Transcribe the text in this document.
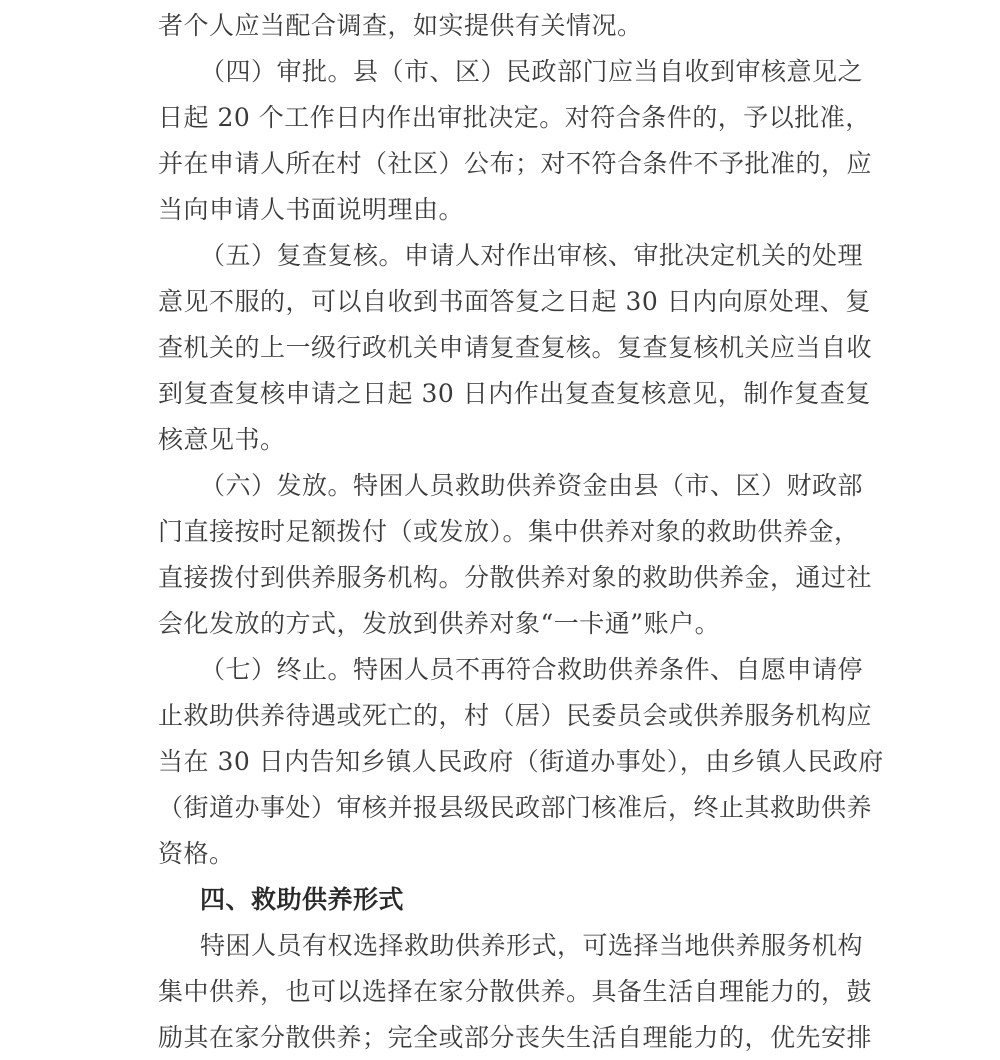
者个人应当配合调查，如实提供有关情况。
（四）审批。县（市、区）民政部门应当自收到审核意见之
日起 20 个工作日内作出审批决定。对符合条件的，予以批准，
并在申请人所在村（社区）公布；对不符合条件不予批准的，应
当向申请人书面说明理由。
（五）复查复核。申请人对作出审核、审批决定机关的处理
意见不服的，可以自收到书面答复之日起 30 日内向原处理、复
查机关的上一级行政机关申请复查复核。复查复核机关应当自收
到复查复核申请之日起 30 日内作出复查复核意见，制作复查复
核意见书。
（六）发放。特困人员救助供养资金由县（市、区）财政部
门直接按时足额拨付（或发放）。集中供养对象的救助供养金，
直接拨付到供养服务机构。分散供养对象的救助供养金，通过社
会化发放的方式，发放到供养对象“一卡通”账户。
（七）终止。特困人员不再符合救助供养条件、自愿申请停
止救助供养待遇或死亡的，村（居）民委员会或供养服务机构应
当在 30 日内告知乡镇人民政府（街道办事处），由乡镇人民政府
（街道办事处）审核并报县级民政部门核准后，终止其救助供养
资格。
四、救助供养形式
特困人员有权选择救助供养形式，可选择当地供养服务机构
集中供养，也可以选择在家分散供养。具备生活自理能力的，鼓
励其在家分散供养；完全或部分丧失生活自理能力的，优先安排
